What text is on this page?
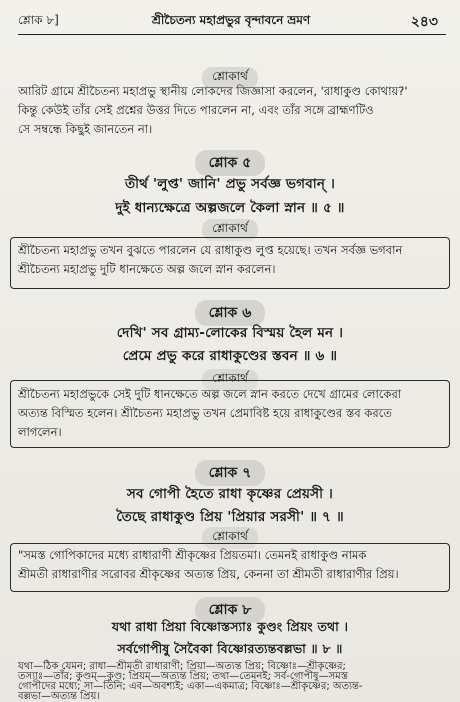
শ্লোক ৮]	শ্রীচৈতন্য মহাপ্রভুর বৃন্দাবনে ভ্রমণ	২৪৩
শ্লোকার্থ
আরিট গ্রামে শ্রীচৈতন্য মহাপ্রভু স্থানীয় লোকদের জিজ্ঞাসা করলেন, 'রাধাকুণ্ড কোথায়?'
কিন্তু কেউই তাঁর সেই প্রশ্নের উত্তর দিতে পারলেন না, এবং তাঁর সঙ্গে ব্রাহ্মণটিও
সে সম্বন্ধে কিছুই জানতেন না।
শ্লোক ৫
তীর্থ 'লুপ্ত' জানি' প্রভু সর্বজ্ঞ ভগবান্ ।
দুই ধান্যক্ষেত্রে অল্পজলে কৈলা স্নান ॥ ৫ ॥
শ্লোকার্থ
শ্রীচৈতন্য মহাপ্রভু তখন বুঝতে পারলেন যে রাধাকুণ্ড লুপ্ত হয়েছে। তখন সর্বজ্ঞ ভগবান
শ্রীচৈতন্য মহাপ্রভু দুটি ধানক্ষেতে অল্প জলে স্নান করলেন।
শ্লোক ৬
দেখি' সব গ্রাম্য-লোকের বিস্ময় হৈল মন ।
প্রেমে প্রভু করে রাধাকুণ্ডের স্তবন ॥ ৬ ॥
শ্লোকার্থ
শ্রীচৈতন্য মহাপ্রভুকে সেই দুটি ধানক্ষেতে অল্প জলে স্নান করতে দেখে গ্রামের লোকেরা
অত্যন্ত বিস্মিত হলেন। শ্রীচৈতন্য মহাপ্রভু তখন প্রেমাবিষ্ট হয়ে রাধাকুণ্ডের স্তব করতে
লাগলেন।
শ্লোক ৭
সব গোপী হৈতে রাধা কৃষ্ণের প্রেয়সী ।
তৈছে রাধাকুণ্ড প্রিয় 'প্রিয়ার সরসী' ॥ ৭ ॥
শ্লোকার্থ
"সমস্ত গোপিকাদের মধ্যে রাধারাণী শ্রীকৃষ্ণের প্রিয়তমা। তেমনই রাধাকুণ্ড নামক
শ্রীমতী রাধারাণীর সরোবর শ্রীকৃষ্ণের অত্যন্ত প্রিয়, কেননা তা শ্রীমতী রাধারাণীর প্রিয়।
শ্লোক ৮
যথা রাধা প্রিয়া বিষ্ণোস্তস্যাঃ কুণ্ডং প্রিয়ং তথা ।
সর্বগোপীষু সৈবৈকা বিষ্ণোরত্যন্তবল্লভা ॥ ৮ ॥
যথা—ঠিক যেমন; রাধা—শ্রীমতী রাধারাণী; প্রিয়া—অত্যন্ত প্রিয়; বিষ্ণোঃ—শ্রীকৃষ্ণের;
তস্যাঃ—তাঁর; কুণ্ডম্—কুণ্ড; প্রিয়ম্—অত্যন্ত প্রিয়; তথা—তেমনই; সর্ব-গোপীষু—সমস্ত
গোপীদের মধ্যে; সা—তিনি; এব—অবশ্যই; একা—একমাত্র; বিষ্ণোঃ—শ্রীকৃষ্ণের; অত্যন্ত-
বল্লভা—অত্যন্ত প্রিয়।
